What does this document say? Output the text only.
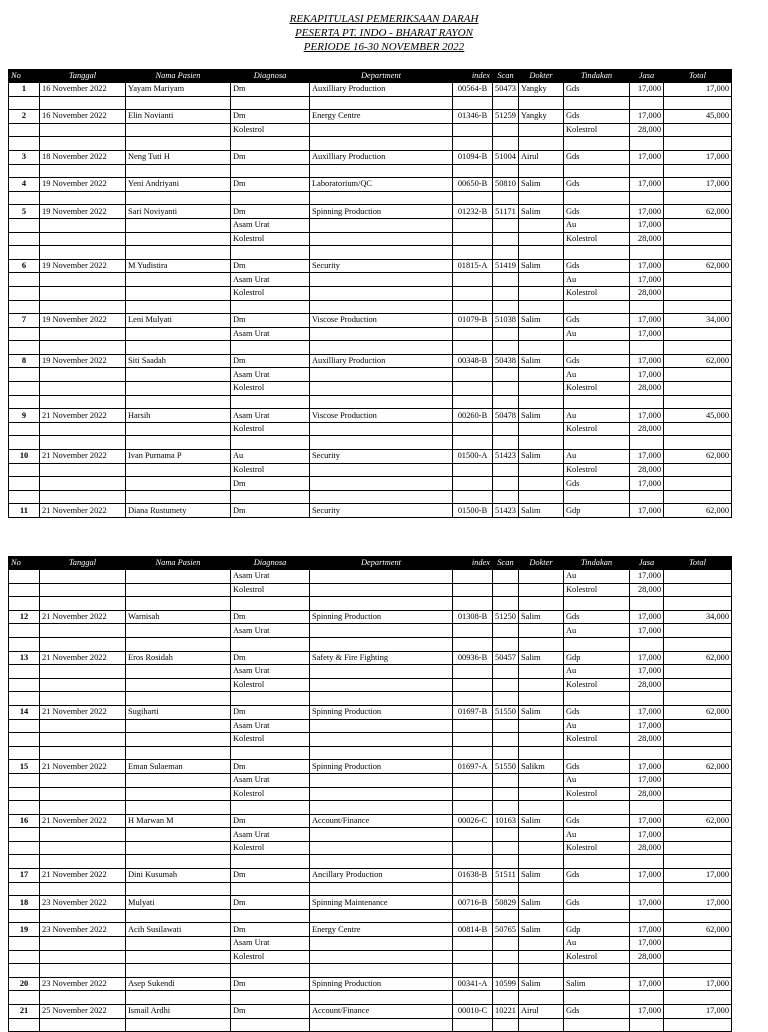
REKAPITULASI PEMERIKSAAN DARAH
PESERTA PT. INDO - BHARAT RAYON
PERIODE 16-30 NOVEMBER 2022
No	Tanggal	Nama Pasien	Diagnosa	Department	index	Scan	Dokter	Tindakan	Jasa	Total
1	16 November 2022	Yayam Mariyam	Dm	Auxilliary Production	00564-B	50473	Yangky	Gds	17,000	17,000

2	16 November 2022	Elin Novianti	Dm	Energy Centre	01346-B	51259	Yangky	Gds	17,000	45,000
			Kolestrol					Kolestrol	28,000	

3	18 November 2022	Neng Tuti H	Dm	Auxilliary Production	01094-B	51004	Airul	Gds	17,000	17,000

4	19 November 2022	Yeni Andriyani	Dm	Laboratorium/QC	00650-B	50810	Salim	Gds	17,000	17,000

5	19 November 2022	Sari Noviyanti	Dm	Spinning Production	01232-B	51171	Salim	Gds	17,000	62,000
			Asam Urat					Au	17,000	
			Kolestrol					Kolestrol	28,000	

6	19 November 2022	M Yudistira	Dm	Security	01815-A	51419	Salim	Gds	17,000	62,000
			Asam Urat					Au	17,000	
			Kolestrol					Kolestrol	28,000	

7	19 November 2022	Leni Mulyati	Dm	Viscose Production	01079-B	51038	Salim	Gds	17,000	34,000
			Asam Urat					Au	17,000	

8	19 November 2022	Siti Saadah	Dm	Auxilliary Production	00348-B	50438	Salim	Gds	17,000	62,000
			Asam Urat					Au	17,000	
			Kolestrol					Kolestrol	28,000	

9	21 November 2022	Harsih	Asam Urat	Viscose Production	00260-B	50478	Salim	Au	17,000	45,000
			Kolestrol					Kolestrol	28,000	

10	21 November 2022	Ivan Purnama P	Au	Security	01500-A	51423	Salim	Au	17,000	62,000
			Kolestrol					Kolestrol	28,000	
			Dm					Gds	17,000	

11	21 November 2022	Diana Rustumety	Dm	Security	01500-B	51423	Salim	Gdp	17,000	62,000
No	Tanggal	Nama Pasien	Diagnosa	Department	index	Scan	Dokter	Tindakan	Jasa	Total
			Asam Urat					Au	17,000	
			Kolestrol					Kolestrol	28,000	

12	21 November 2022	Warnisah	Dm	Spinning Production	01308-B	51250	Salim	Gds	17,000	34,000
			Asam Urat					Au	17,000	

13	21 November 2022	Eros Rosidah	Dm	Safety & Fire Fighting	00936-B	50457	Salim	Gdp	17,000	62,000
			Asam Urat					Au	17,000	
			Kolestrol					Kolestrol	28,000	

14	21 November 2022	Sugiharti	Dm	Spinning Production	01697-B	51550	Salim	Gds	17,000	62,000
			Asam Urat					Au	17,000	
			Kolestrol					Kolestrol	28,000	

15	21 November 2022	Eman Sulaeman	Dm	Spinning Production	01697-A	51550	Salikm	Gds	17,000	62,000
			Asam Urat					Au	17,000	
			Kolestrol					Kolestrol	28,000	

16	21 November 2022	H Marwan M	Dm	Account/Finance	00026-C	10163	Salim	Gds	17,000	62,000
			Asam Urat					Au	17,000	
			Kolestrol					Kolestrol	28,000	

17	21 November 2022	Dini Kusumah	Dm	Ancillary Production	01638-B	51511	Salim	Gds	17,000	17,000

18	23 November 2022	Mulyati	Dm	Spinning Maintenance	00716-B	50829	Salim	Gds	17,000	17,000

19	23 November 2022	Acih Susilawati	Dm	Energy Centre	00814-B	50765	Salim	Gdp	17,000	62,000
			Asam Urat					Au	17,000	
			Kolestrol					Kolestrol	28,000	

20	23 November 2022	Asep Sukendi	Dm	Spinning Production	00341-A	10599	Salim	Salim	17,000	17,000

21	25 November 2022	Ismail Ardhi	Dm	Account/Finance	00010-C	10221	Airul	Gds	17,000	17,000
